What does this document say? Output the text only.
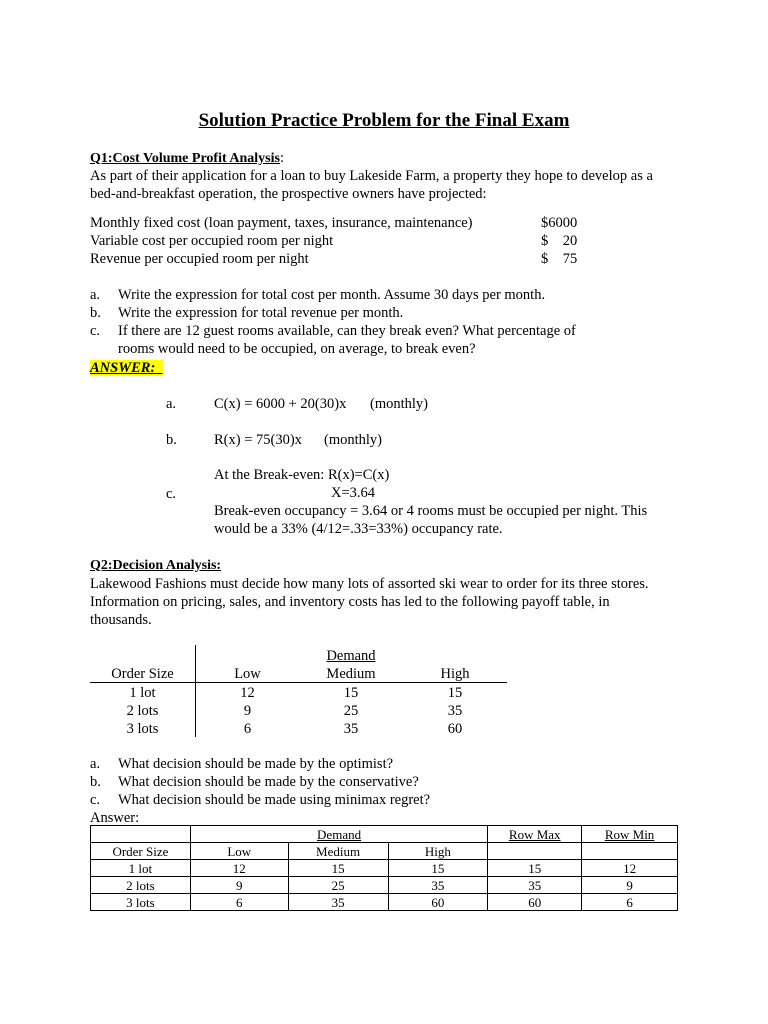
Solution Practice Problem for the Final Exam
Q1:Cost Volume Profit Analysis:
As part of their application for a loan to buy Lakeside Farm, a property they hope to develop as a
bed-and-breakfast operation, the prospective owners have projected:
Monthly fixed cost (loan payment, taxes, insurance, maintenance)	$6000
Variable cost per occupied room per night	$    20
Revenue per occupied room per night	$    75
a. Write the expression for total cost per month. Assume 30 days per month.
b. Write the expression for total revenue per month.
c. If there are 12 guest rooms available, can they break even? What percentage of
rooms would need to be occupied, on average, to break even?
ANSWER:
a.	C(x) = 6000 + 20(30)x (monthly)
b.	R(x) = 75(30)x (monthly)
At the Break-even: R(x)=C(x)
c.	X=3.64
Break-even occupancy = 3.64 or 4 rooms must be occupied per night. This
would be a 33% (4/12=.33=33%) occupancy rate.
Q2:Decision Analysis:
Lakewood Fashions must decide how many lots of assorted ski wear to order for its three stores.
Information on pricing, sales, and inventory costs has led to the following payoff table, in
thousands.
Demand
Order Size	Low	Medium	High
1 lot	12	15	15
2 lots	9	25	35
3 lots	6	35	60
a. What decision should be made by the optimist?
b. What decision should be made by the conservative?
c. What decision should be made using minimax regret?
Answer:
	Demand			Row Max	Row Min
Order Size	Low	Medium	High		
1 lot	12	15	15	15	12
2 lots	9	25	35	35	9
3 lots	6	35	60	60	6
